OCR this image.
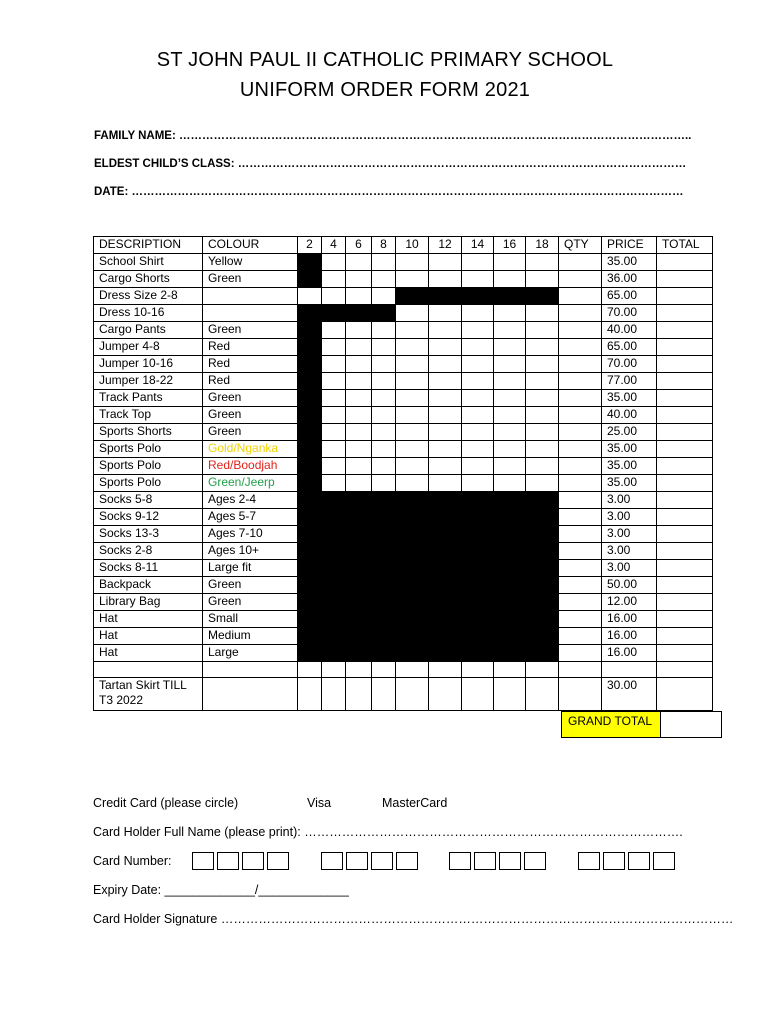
ST JOHN PAUL II CATHOLIC PRIMARY SCHOOL
UNIFORM ORDER FORM 2021
FAMILY NAME: ……………………………………………………………………………………………………………………..
ELDEST CHILD’S CLASS: ………………………………………………………………………………………………………
DATE: ………………………………………………………………………………………………………………………………
DESCRIPTION	COLOUR	2	4	6	8	10	12	14	16	18	QTY	PRICE	TOTAL
School Shirt	Yellow											35.00	
Cargo Shorts	Green											36.00	
Dress Size 2-8												65.00	
Dress 10-16												70.00	
Cargo Pants	Green											40.00	
Jumper 4-8	Red											65.00	
Jumper 10-16	Red											70.00	
Jumper 18-22	Red											77.00	
Track Pants	Green											35.00	
Track Top	Green											40.00	
Sports Shorts	Green											25.00	
Sports Polo	Gold/Nganka											35.00	
Sports Polo	Red/Boodjah											35.00	
Sports Polo	Green/Jeerp											35.00	
Socks 5-8	Ages 2-4											3.00	
Socks 9-12	Ages 5-7											3.00	
Socks 13-3	Ages 7-10											3.00	
Socks 2-8	Ages 10+											3.00	
Socks 8-11	Large fit											3.00	
Backpack	Green											50.00	
Library Bag	Green											12.00	
Hat	Small											16.00	
Hat	Medium											16.00	
Hat	Large											16.00	

Tartan Skirt TILL T3 2022												30.00	
GRAND TOTAL
Credit Card (please circle)	Visa	MasterCard
Card Holder Full Name (please print): ……………………………………………………………………………….
Card Number:
Expiry Date: _____________/_____________
Card Holder Signature ……………………………………………………………………………………………………………
